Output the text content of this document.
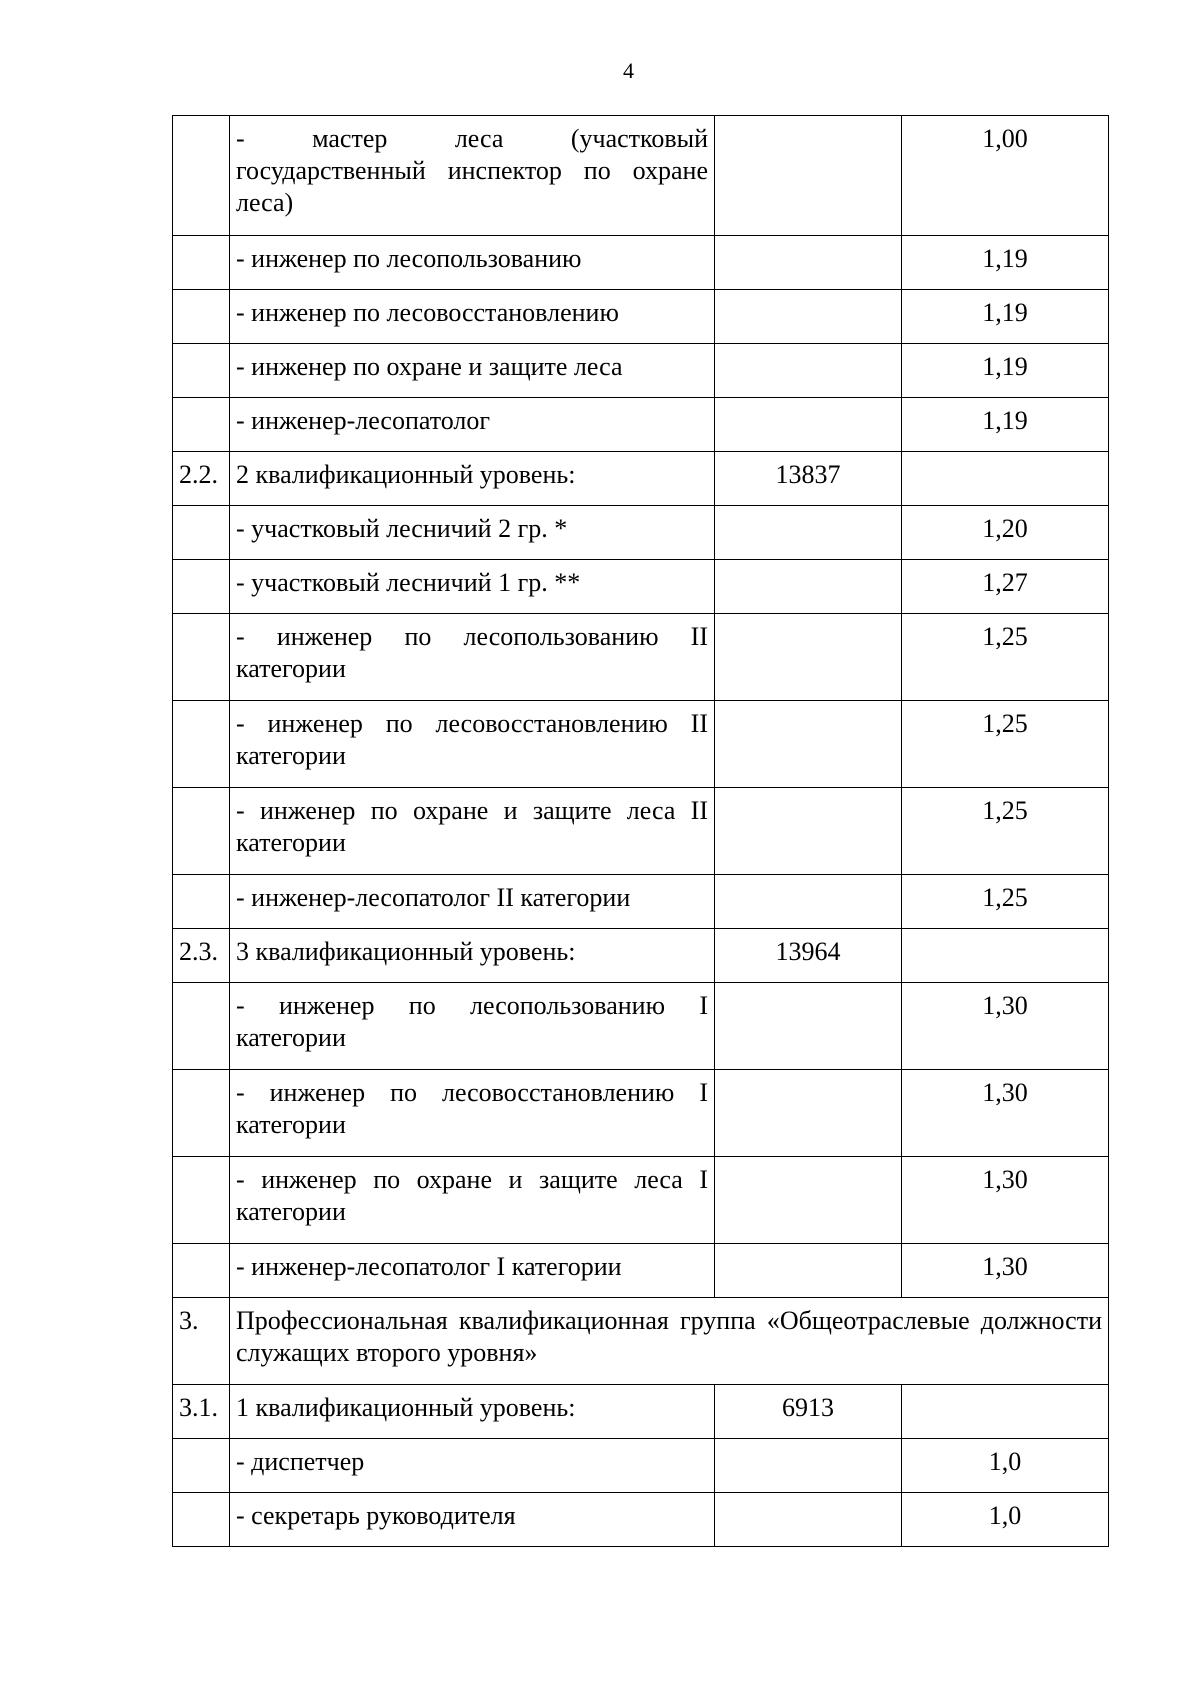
4
	- мастер леса (участковый государственный инспектор по охране леса)		1,00
	- инженер по лесопользованию		1,19
	- инженер по лесовосстановлению		1,19
	- инженер по охране и защите леса		1,19
	- инженер-лесопатолог		1,19
2.2.	2 квалификационный уровень:	13837	
	- участковый лесничий 2 гр. *		1,20
	- участковый лесничий 1 гр. **		1,27
	- инженер по лесопользованию II категории		1,25
	- инженер по лесовосстановлению II категории		1,25
	- инженер по охране и защите леса II категории		1,25
	- инженер-лесопатолог II категории		1,25
2.3.	3 квалификационный уровень:	13964	
	- инженер по лесопользованию I категории		1,30
	- инженер по лесовосстановлению I категории		1,30
	- инженер по охране и защите леса I категории		1,30
	- инженер-лесопатолог I категории		1,30
3.	Профессиональная квалификационная группа «Общеотраслевые должности служащих второго уровня»		
3.1.	1 квалификационный уровень:	6913	
	- диспетчер		1,0
	- секретарь руководителя		1,0
